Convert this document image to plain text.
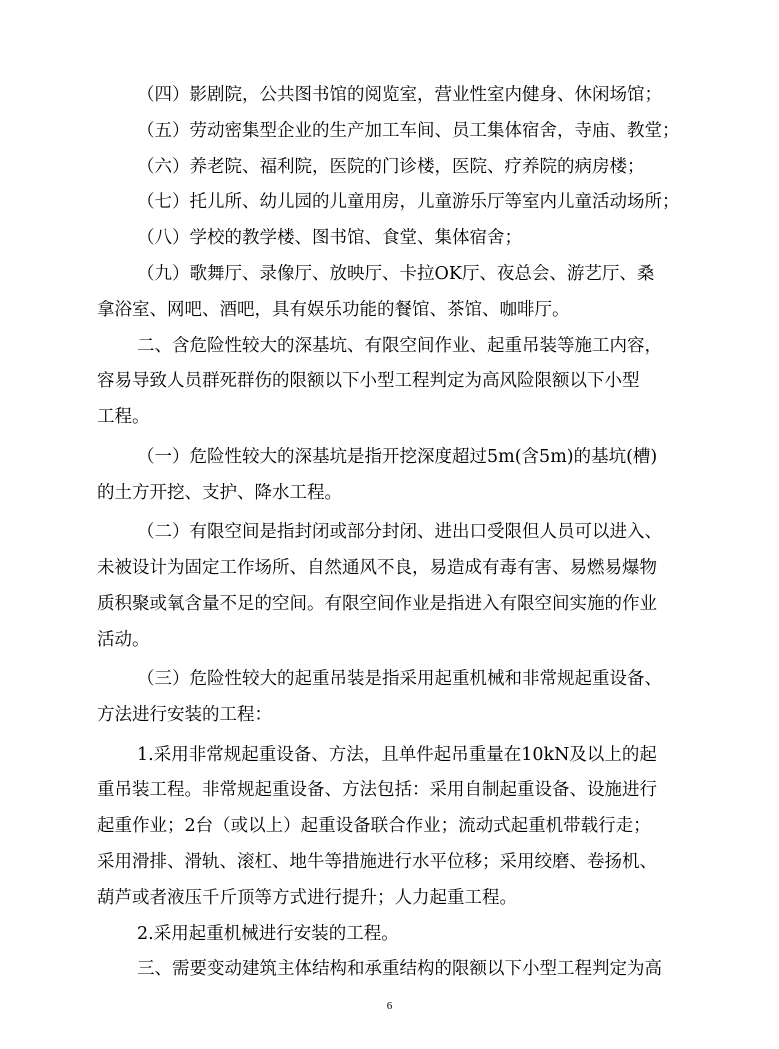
（四）影剧院，公共图书馆的阅览室，营业性室内健身、休闲场馆；
（五）劳动密集型企业的生产加工车间、员工集体宿舍，寺庙、教堂；
（六）养老院、福利院，医院的门诊楼，医院、疗养院的病房楼；
（七）托儿所、幼儿园的儿童用房，儿童游乐厅等室内儿童活动场所；
（八）学校的教学楼、图书馆、食堂、集体宿舍；
（九）歌舞厅、录像厅、放映厅、卡拉OK厅、夜总会、游艺厅、桑
拿浴室、网吧、酒吧，具有娱乐功能的餐馆、茶馆、咖啡厅。
二、含危险性较大的深基坑、有限空间作业、起重吊装等施工内容，
容易导致人员群死群伤的限额以下小型工程判定为高风险限额以下小型
工程。
（一）危险性较大的深基坑是指开挖深度超过5m(含5m)的基坑(槽)
的土方开挖、支护、降水工程。
（二）有限空间是指封闭或部分封闭、进出口受限但人员可以进入、
未被设计为固定工作场所、自然通风不良，易造成有毒有害、易燃易爆物
质积聚或氧含量不足的空间。有限空间作业是指进入有限空间实施的作业
活动。
（三）危险性较大的起重吊装是指采用起重机械和非常规起重设备、
方法进行安装的工程：
1.采用非常规起重设备、方法，且单件起吊重量在10kN及以上的起
重吊装工程。非常规起重设备、方法包括：采用自制起重设备、设施进行
起重作业；2台（或以上）起重设备联合作业；流动式起重机带载行走；
采用滑排、滑轨、滚杠、地牛等措施进行水平位移；采用绞磨、卷扬机、
葫芦或者液压千斤顶等方式进行提升；人力起重工程。
2.采用起重机械进行安装的工程。
三、需要变动建筑主体结构和承重结构的限额以下小型工程判定为高
6
